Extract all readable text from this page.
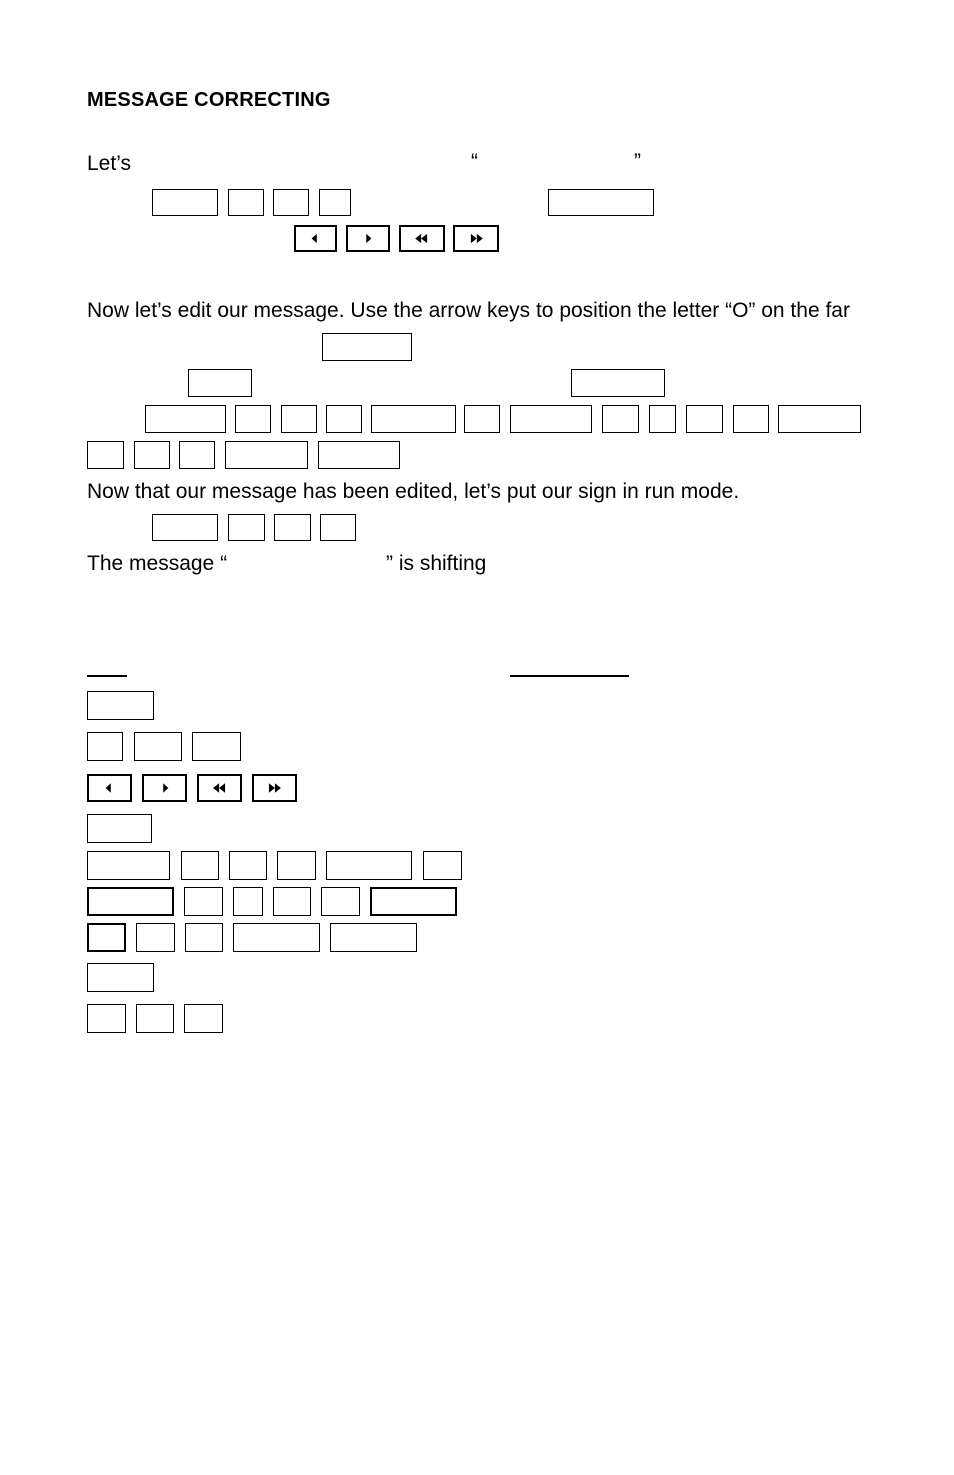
MESSAGE CORRECTING
Let’s	“	”
Now let’s edit our message. Use the arrow keys to position the letter “O” on the far
Now that our message has been edited, let’s put our sign in run mode.
The message “	” is shifting
